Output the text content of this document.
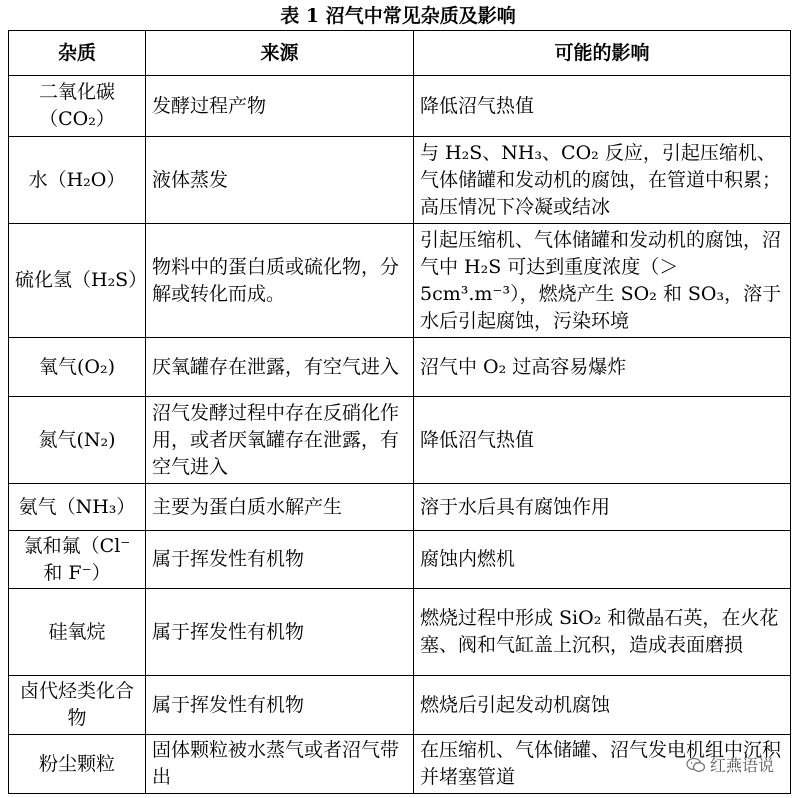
表 1 沼气中常见杂质及影响
杂质	来源	可能的影响
二氧化碳（CO₂）	发酵过程产物	降低沼气热值
水（H₂O）	液体蒸发	与 H₂S、NH₃、CO₂ 反应，引起压缩机、气体储罐和发动机的腐蚀，在管道中积累；高压情况下冷凝或结冰
硫化氢（H₂S）	物料中的蛋白质或硫化物，分解或转化而成。	引起压缩机、气体储罐和发动机的腐蚀，沼气中 H₂S 可达到重度浓度（＞5cm³.m⁻³），燃烧产生 SO₂ 和 SO₃，溶于水后引起腐蚀，污染环境
氧气(O₂)	厌氧罐存在泄露，有空气进入	沼气中 O₂ 过高容易爆炸
氮气(N₂)	沼气发酵过程中存在反硝化作用，或者厌氧罐存在泄露，有空气进入	降低沼气热值
氨气（NH₃）	主要为蛋白质水解产生	溶于水后具有腐蚀作用
氯和氟（Cl⁻和 F⁻）	属于挥发性有机物	腐蚀内燃机
硅氧烷	属于挥发性有机物	燃烧过程中形成 SiO₂ 和微晶石英，在火花塞、阀和气缸盖上沉积，造成表面磨损
卤代烃类化合物	属于挥发性有机物	燃烧后引起发动机腐蚀
粉尘颗粒	固体颗粒被水蒸气或者沼气带出	在压缩机、气体储罐、沼气发电机组中沉积并堵塞管道
红燕语说
